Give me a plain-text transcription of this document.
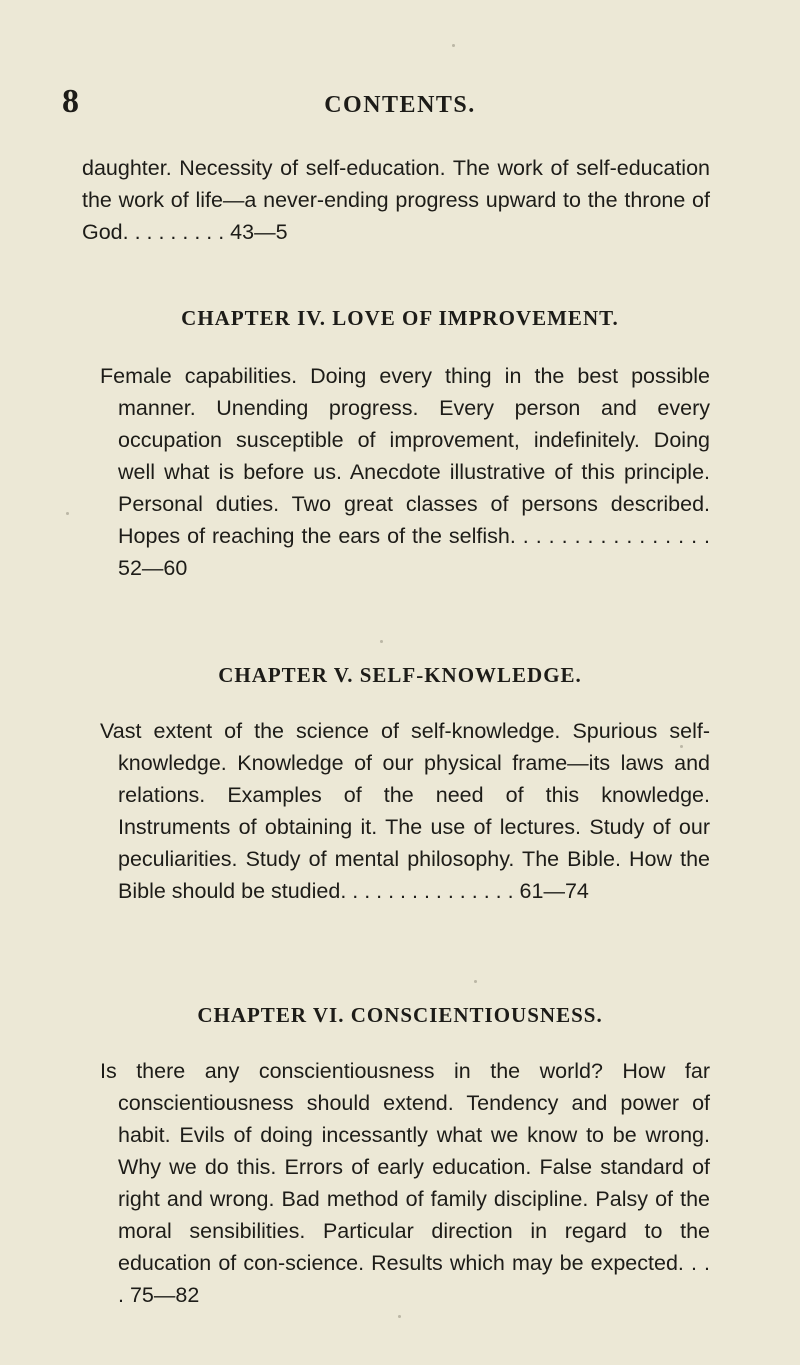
8	CONTENTS.

daughter. Necessity of self-education. The work of self-education the work of life—a never-ending progress upward to the throne of God. . . . . . . . . 43—5

CHAPTER IV. LOVE OF IMPROVEMENT.

Female capabilities. Doing every thing in the best possible manner. Unending progress. Every person and every occupation susceptible of improvement, indefinitely. Doing well what is before us. Anecdote illustrative of this principle. Personal duties. Two great classes of persons described. Hopes of reaching the ears of the selfish. . . . . . . . . . . . . . . . 52—60

CHAPTER V. SELF-KNOWLEDGE.

Vast extent of the science of self-knowledge. Spurious self-knowledge. Knowledge of our physical frame—its laws and relations. Examples of the need of this knowledge. Instruments of obtaining it. The use of lectures. Study of our peculiarities. Study of mental philosophy. The Bible. How the Bible should be studied. . . . . . . . . . . . . . . 61—74

CHAPTER VI. CONSCIENTIOUSNESS.

Is there any conscientiousness in the world? How far conscientiousness should extend. Tendency and power of habit. Evils of doing incessantly what we know to be wrong. Why we do this. Errors of early education. False standard of right and wrong. Bad method of family discipline. Palsy of the moral sensibilities. Particular direction in regard to the education of con-science. Results which may be expected. . . . 75—82
